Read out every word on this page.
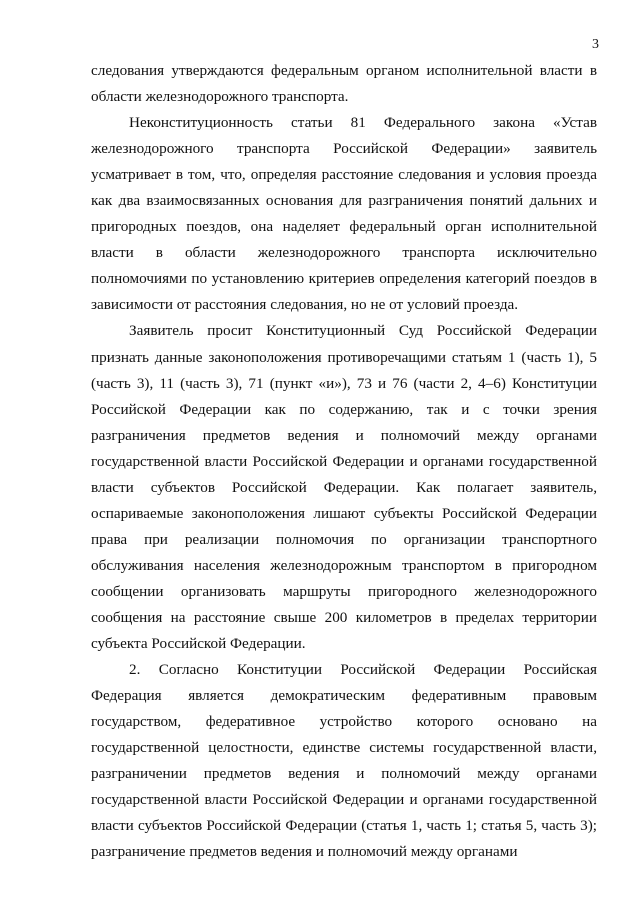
3

следования утверждаются федеральным органом исполнительной власти в области железнодорожного транспорта.

Неконституционность статьи 81 Федерального закона «Устав железнодорожного транспорта Российской Федерации» заявитель усматривает в том, что, определяя расстояние следования и условия проезда как два взаимосвязанных основания для разграничения понятий дальних и пригородных поездов, она наделяет федеральный орган исполнительной власти в области железнодорожного транспорта исключительно полномочиями по установлению критериев определения категорий поездов в зависимости от расстояния следования, но не от условий проезда.

Заявитель просит Конституционный Суд Российской Федерации признать данные законоположения противоречащими статьям 1 (часть 1), 5 (часть 3), 11 (часть 3), 71 (пункт «и»), 73 и 76 (части 2, 4–6) Конституции Российской Федерации как по содержанию, так и с точки зрения разграничения предметов ведения и полномочий между органами государственной власти Российской Федерации и органами государственной власти субъектов Российской Федерации. Как полагает заявитель, оспариваемые законоположения лишают субъекты Российской Федерации права при реализации полномочия по организации транспортного обслуживания населения железнодорожным транспортом в пригородном сообщении организовать маршруты пригородного железнодорожного сообщения на расстояние свыше 200 километров в пределах территории субъекта Российской Федерации.

2. Согласно Конституции Российской Федерации Российская Федерация является демократическим федеративным правовым государством, федеративное устройство которого основано на государственной целостности, единстве системы государственной власти, разграничении предметов ведения и полномочий между органами государственной власти Российской Федерации и органами государственной власти субъектов Российской Федерации (статья 1, часть 1; статья 5, часть 3); разграничение предметов ведения и полномочий между органами
